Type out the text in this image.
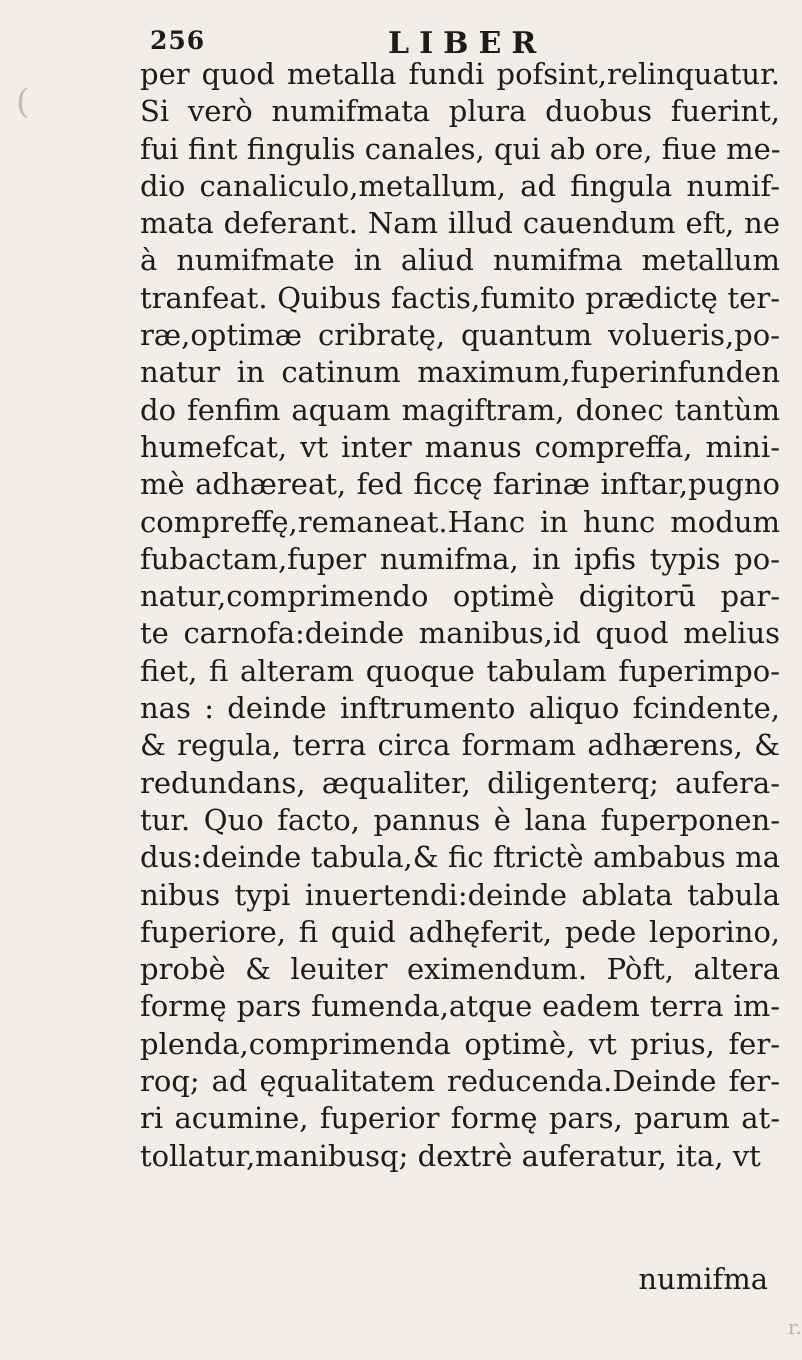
(
256	LIBER
per quod metalla fundi pofsint,relinquatur.
Si verò numifmata plura duobus fuerint,
fui fint fingulis canales, qui ab ore, fiue me-
dio canaliculo,metallum, ad fingula numif-
mata deferant. Nam illud cauendum eft, ne
à numifmate in aliud numifma metallum
tranfeat. Quibus factis,fumito prædictę ter-
ræ,optimæ cribratę, quantum volueris,po-
natur in catinum maximum,fuperinfunden
do fenfim aquam magiftram, donec tantùm
humefcat, vt inter manus compreffa, mini-
mè adhæreat, fed ficcę farinæ inftar,pugno
compreffę,remaneat.Hanc in hunc modum
fubactam,fuper numifma, in ipfis typis po-
natur,comprimendo optimè digitorū par-
te carnofa:deinde manibus,id quod melius
fiet, fi alteram quoque tabulam fuperimpo-
nas : deinde inftrumento aliquo fcindente,
& regula, terra circa formam adhærens, &
redundans, æqualiter, diligenterq; aufera-
tur. Quo facto, pannus è lana fuperponen-
dus:deinde tabula,& fic ftrictè ambabus ma
nibus typi inuertendi:deinde ablata tabula
fuperiore, fi quid adhęferit, pede leporino,
probè & leuiter eximendum. Pòft, altera
formę pars fumenda,atque eadem terra im-
plenda,comprimenda optimè, vt prius, fer-
roq; ad ęqualitatem reducenda.Deinde fer-
ri acumine, fuperior formę pars, parum at-
tollatur,manibusq; dextrè auferatur, ita, vt
numifma
r.
